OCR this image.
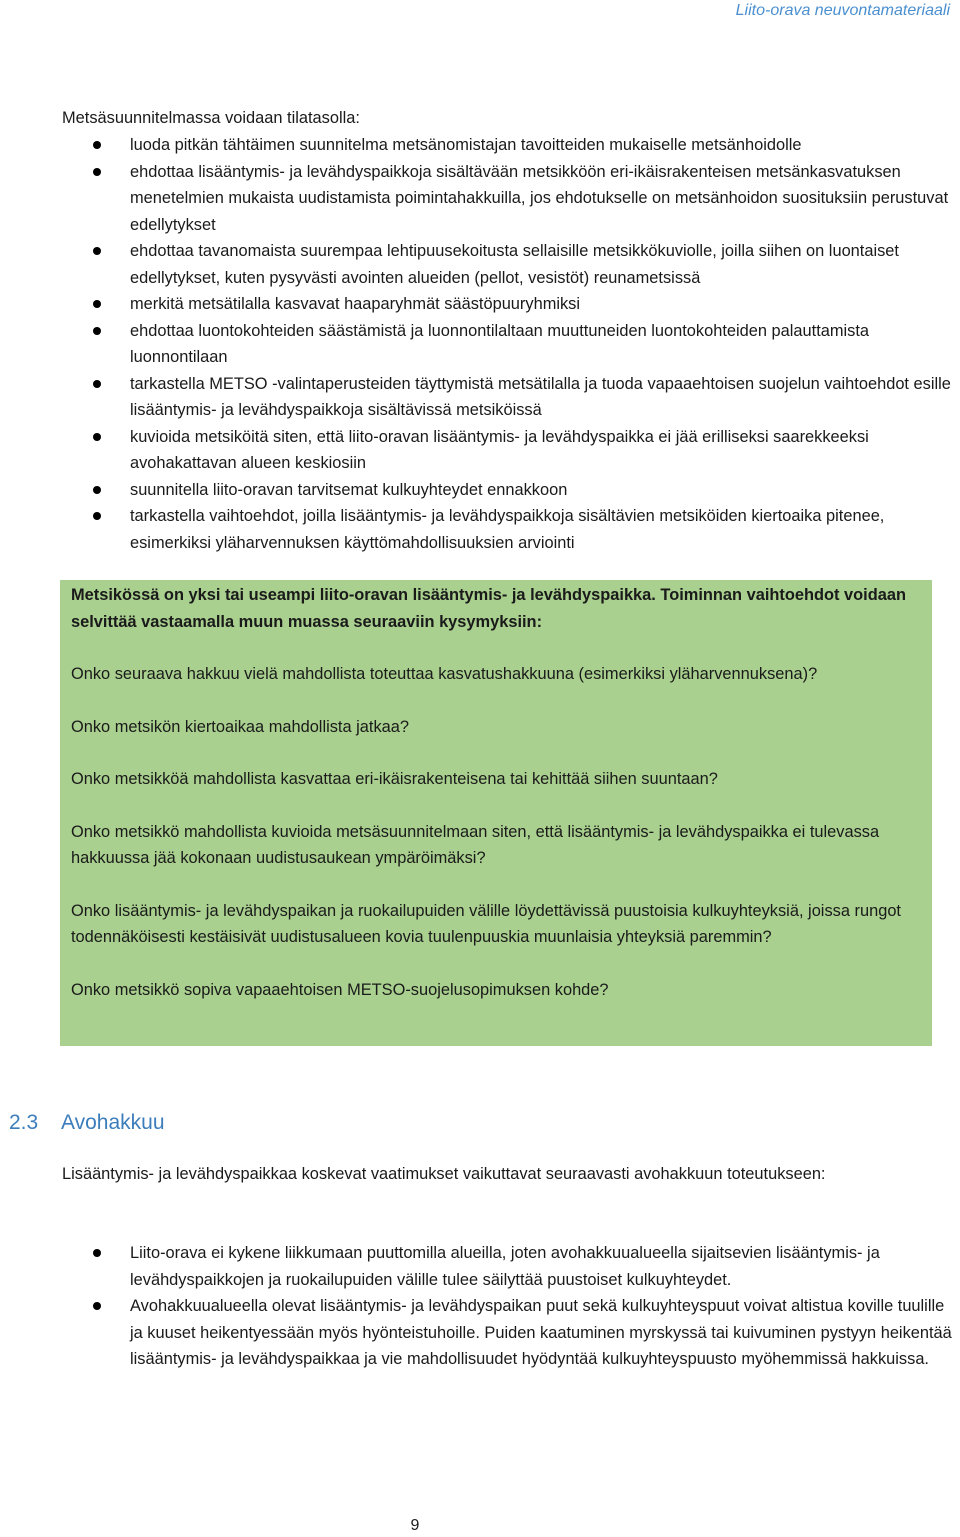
Liito-orava neuvontamateriaali
Metsäsuunnitelmassa voidaan tilatasolla:
luoda pitkän tähtäimen suunnitelma metsänomistajan tavoitteiden mukaiselle metsänhoidolle
ehdottaa lisääntymis- ja levähdyspaikkoja sisältävään metsikköön eri-ikäisrakenteisen metsänkasvatuksen menetelmien mukaista uudistamista poimintahakkuilla, jos ehdotukselle on metsänhoidon suosituksiin perustuvat edellytykset
ehdottaa tavanomaista suurempaa lehtipuusekoitusta sellaisille metsikkökuviolle, joilla siihen on luontaiset edellytykset, kuten pysyvästi avointen alueiden (pellot, vesistöt) reunametsissä
merkitä metsätilalla kasvavat haaparyhmät säästöpuuryhmiksi
ehdottaa luontokohteiden säästämistä ja luonnontilaltaan muuttuneiden luontokohteiden palauttamista luonnontilaan
tarkastella METSO -valintaperusteiden täyttymistä metsätilalla ja tuoda vapaaehtoisen suojelun vaihtoehdot esille lisääntymis- ja levähdyspaikkoja sisältävissä metsiköissä
kuvioida metsiköitä siten, että liito-oravan lisääntymis- ja levähdyspaikka ei jää erilliseksi saarekkeeksi avohakattavan alueen keskiosiin
suunnitella liito-oravan tarvitsemat kulkuyhteydet ennakkoon
tarkastella vaihtoehdot, joilla lisääntymis- ja levähdyspaikkoja sisältävien metsiköiden kiertoaika pitenee, esimerkiksi yläharvennuksen käyttömahdollisuuksien arviointi

Metsikössä on yksi tai useampi liito-oravan lisääntymis- ja levähdyspaikka. Toiminnan vaihtoehdot voidaan selvittää vastaamalla muun muassa seuraaviin kysymyksiin:

Onko seuraava hakkuu vielä mahdollista toteuttaa kasvatushakkuuna (esimerkiksi yläharvennuksena)?

Onko metsikön kiertoaikaa mahdollista jatkaa?

Onko metsikköä mahdollista kasvattaa eri-ikäisrakenteisena tai kehittää siihen suuntaan?

Onko metsikkö mahdollista kuvioida metsäsuunnitelmaan siten, että lisääntymis- ja levähdyspaikka ei tulevassa hakkuussa jää kokonaan uudistusaukean ympäröimäksi?

Onko lisääntymis- ja levähdyspaikan ja ruokailupuiden välille löydettävissä puustoisia kulkuyhteyksiä, joissa rungot todennäköisesti kestäisivät uudistusalueen kovia tuulenpuuskia muunlaisia yhteyksiä paremmin?

Onko metsikkö sopiva vapaaehtoisen METSO-suojelusopimuksen kohde?

2.3 Avohakkuu
Lisääntymis- ja levähdyspaikkaa koskevat vaatimukset vaikuttavat seuraavasti avohakkuun toteutukseen:
Liito-orava ei kykene liikkumaan puuttomilla alueilla, joten avohakkuualueella sijaitsevien lisääntymis- ja levähdyspaikkojen ja ruokailupuiden välille tulee säilyttää puustoiset kulkuyhteydet.
Avohakkuualueella olevat lisääntymis- ja levähdyspaikan puut sekä kulkuyhteyspuut voivat altistua koville tuulille ja kuuset heikentyessään myös hyönteistuhoille. Puiden kaatuminen myrskyssä tai kuivuminen pystyyn heikentää lisääntymis- ja levähdyspaikkaa ja vie mahdollisuudet hyödyntää kulkuyhteyspuusto myöhemmissä hakkuissa.
9
